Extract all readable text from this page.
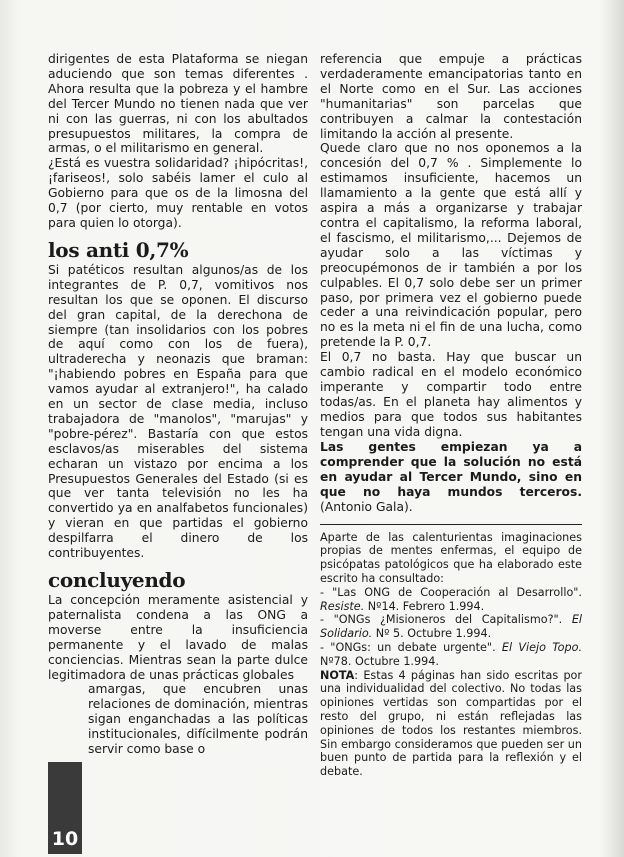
dirigentes de esta Plataforma se niegan aduciendo que son temas diferentes . Ahora resulta que la pobreza y el hambre del Tercer Mundo no tienen nada que ver ni con las guerras, ni con los abultados presupuestos militares, la compra de armas, o el militarismo en general.

¿Está es vuestra solidaridad? ¡hipócritas!,¡fariseos!, solo sabéis lamer el culo al Gobierno para que os de la limosna del 0,7 (por cierto, muy rentable en votos para quien lo otorga).

los anti 0,7%

Si patéticos resultan algunos/as de los integrantes de P. 0,7, vomitivos nos resultan los que se oponen. El discurso del gran capital, de la derechona de siempre (tan insolidarios con los pobres de aquí como con los de fuera), ultraderecha y neonazis que braman: "¡habiendo pobres en España para que vamos ayudar al extranjero!", ha calado en un sector de clase media, incluso trabajadora de "manolos", "marujas" y "pobre-pérez". Bastaría con que estos esclavos/as miserables del sistema echaran un vistazo por encima a los Presupuestos Generales del Estado (si es que ver tanta televisión no les ha convertido ya en analfabetos funcionales) y vieran en que partidas el gobierno despilfarra el dinero de los contribuyentes.

concluyendo

La concepción meramente asistencial y paternalista condena a las ONG a moverse entre la insuficiencia permanente y el lavado de malas conciencias. Mientras sean la parte dulce legitimadora de unas prácticas globales

amargas, que encubren unas relaciones de dominación, mientras sigan enganchadas a las políticas institucionales, difícilmente podrán servir como base o

referencia que empuje a prácticas verdaderamente emancipatorias tanto en el Norte como en el Sur. Las acciones "humanitarias" son parcelas que contribuyen a calmar la contestación limitando la acción al presente.

Quede claro que no nos oponemos a la concesión del 0,7 % . Simplemente lo estimamos insuficiente, hacemos un llamamiento a la gente que está allí y aspira a más a organizarse y trabajar contra el capitalismo, la reforma laboral, el fascismo, el militarismo,... Dejemos de ayudar solo a las víctimas y preocupémonos de ir también a por los culpables. El 0,7 solo debe ser un primer paso, por primera vez el gobierno puede ceder a una reivindicación popular, pero no es la meta ni el fin de una lucha, como pretende la P. 0,7.

El 0,7 no basta. Hay que buscar un cambio radical en el modelo económico imperante y compartir todo entre todas/as. En el planeta hay alimentos y medios para que todos sus habitantes tengan una vida digna.

Las gentes empiezan ya a comprender que la solución no está en ayudar al Tercer Mundo, sino en que no haya mundos terceros. (Antonio Gala).

Aparte de las calenturientas imaginaciones propias de mentes enfermas, el equipo de psicópatas patológicos que ha elaborado este escrito ha consultado:

- "Las ONG de Cooperación al Desarrollo". Resiste. Nº14. Febrero 1.994.

- "ONGs ¿Misioneros del Capitalismo?". El Solidario. Nº 5. Octubre 1.994.

- "ONGs: un debate urgente". El Viejo Topo. Nº78. Octubre 1.994.

NOTA: Estas 4 páginas han sido escritas por una individualidad del colectivo. No todas las opiniones vertidas son compartidas por el resto del grupo, ni están reflejadas las opiniones de todos los restantes miembros. Sin embargo consideramos que pueden ser un buen punto de partida para la reflexión y el debate.

10
